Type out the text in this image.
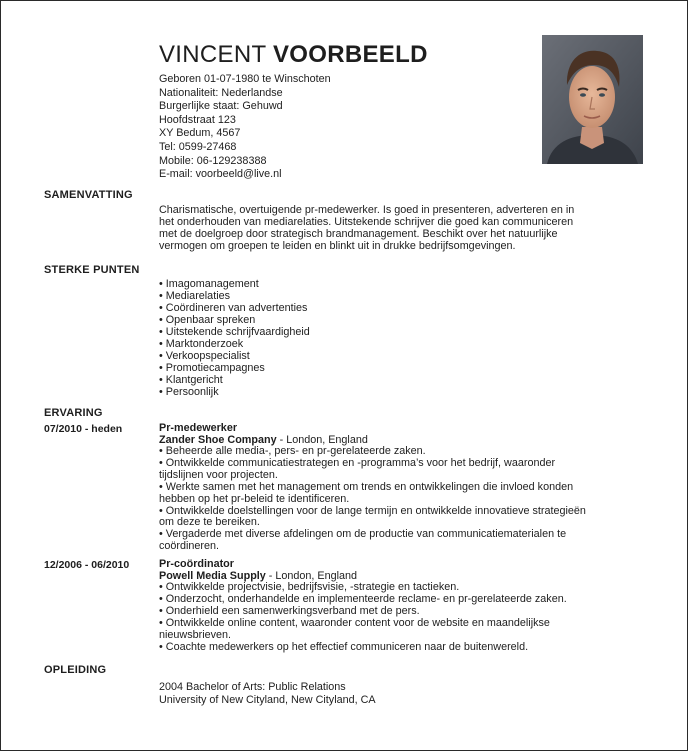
VINCENT VOORBEELD
Geboren 01-07-1980 te Winschoten
Nationaliteit: Nederlandse
Burgerlijke staat: Gehuwd
Hoofdstraat 123
XY Bedum, 4567
Tel: 0599-27468
Mobile: 06-129238388
E-mail: voorbeeld@live.nl
SAMENVATTING
Charismatische, overtuigende pr-medewerker. Is goed in presenteren, adverteren en in
het onderhouden van mediarelaties. Uitstekende schrijver die goed kan communiceren
met de doelgroep door strategisch brandmanagement. Beschikt over het natuurlijke
vermogen om groepen te leiden en blinkt uit in drukke bedrijfsomgevingen.
STERKE PUNTEN
• Imagomanagement
• Mediarelaties
• Coördineren van advertenties
• Openbaar spreken
• Uitstekende schrijfvaardigheid
• Marktonderzoek
• Verkoopspecialist
• Promotiecampagnes
• Klantgericht
• Persoonlijk
ERVARING
07/2010 - heden	Pr-medewerker
Zander Shoe Company - London, England
• Beheerde alle media-, pers- en pr-gerelateerde zaken.
• Ontwikkelde communicatiestrategen en -programma’s voor het bedrijf, waaronder
tijdslijnen voor projecten.
• Werkte samen met het management om trends en ontwikkelingen die invloed konden
hebben op het pr-beleid te identificeren.
• Ontwikkelde doelstellingen voor de lange termijn en ontwikkelde innovatieve strategieën
om deze te bereiken.
• Vergaderde met diverse afdelingen om de productie van communicatiematerialen te
coördineren.
12/2006 - 06/2010	Pr-coördinator
Powell Media Supply - London, England
• Ontwikkelde projectvisie, bedrijfsvisie, -strategie en tactieken.
• Onderzocht, onderhandelde en implementeerde reclame- en pr-gerelateerde zaken.
• Onderhield een samenwerkingsverband met de pers.
• Ontwikkelde online content, waaronder content voor de website en maandelijkse
nieuwsbrieven.
• Coachte medewerkers op het effectief communiceren naar de buitenwereld.
OPLEIDING
2004 Bachelor of Arts: Public Relations
University of New Cityland, New Cityland, CA
